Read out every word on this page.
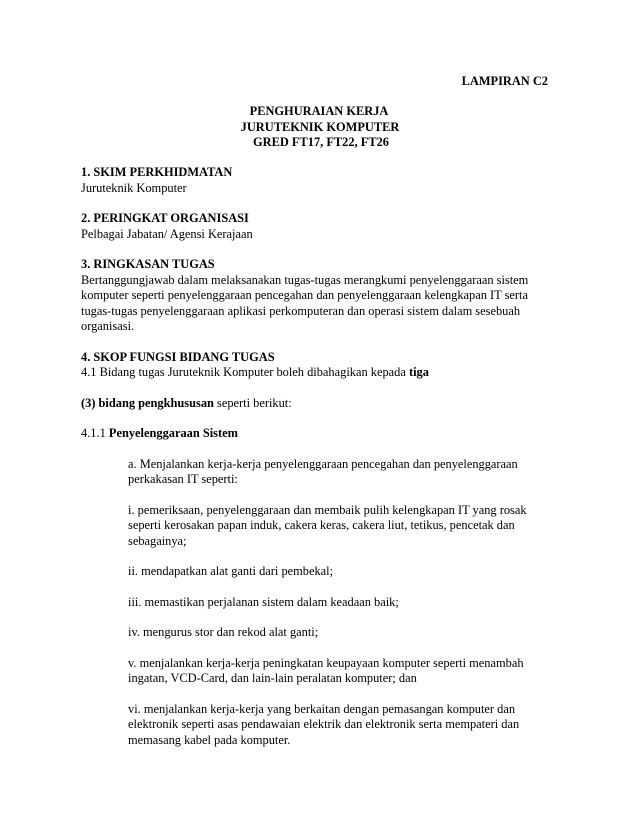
LAMPIRAN C2
PENGHURAIAN KERJA
JURUTEKNIK KOMPUTER
GRED FT17, FT22, FT26
1. SKIM PERKHIDMATAN
Juruteknik Komputer
2. PERINGKAT ORGANISASI
Pelbagai Jabatan/ Agensi Kerajaan
3. RINGKASAN TUGAS
Bertanggungjawab dalam melaksanakan tugas-tugas merangkumi penyelenggaraan sistem komputer seperti penyelenggaraan pencegahan dan penyelenggaraan kelengkapan IT serta tugas-tugas penyelenggaraan aplikasi perkomputeran dan operasi sistem dalam sesebuah organisasi.
4. SKOP FUNGSI BIDANG TUGAS
4.1 Bidang tugas Juruteknik Komputer boleh dibahagikan kepada tiga
(3) bidang pengkhususan seperti berikut:
4.1.1 Penyelenggaraan Sistem
a. Menjalankan kerja-kerja penyelenggaraan pencegahan dan penyelenggaraan perkakasan IT seperti:
i. pemeriksaan, penyelenggaraan dan membaik pulih kelengkapan IT yang rosak seperti kerosakan papan induk, cakera keras, cakera liut, tetikus, pencetak dan sebagainya;
ii. mendapatkan alat ganti dari pembekal;
iii. memastikan perjalanan sistem dalam keadaan baik;
iv. mengurus stor dan rekod alat ganti;
v. menjalankan kerja-kerja peningkatan keupayaan komputer seperti menambah ingatan, VCD-Card, dan lain-lain peralatan komputer; dan
vi. menjalankan kerja-kerja yang berkaitan dengan pemasangan komputer dan elektronik seperti asas pendawaian elektrik dan elektronik serta mempateri dan memasang kabel pada komputer.
